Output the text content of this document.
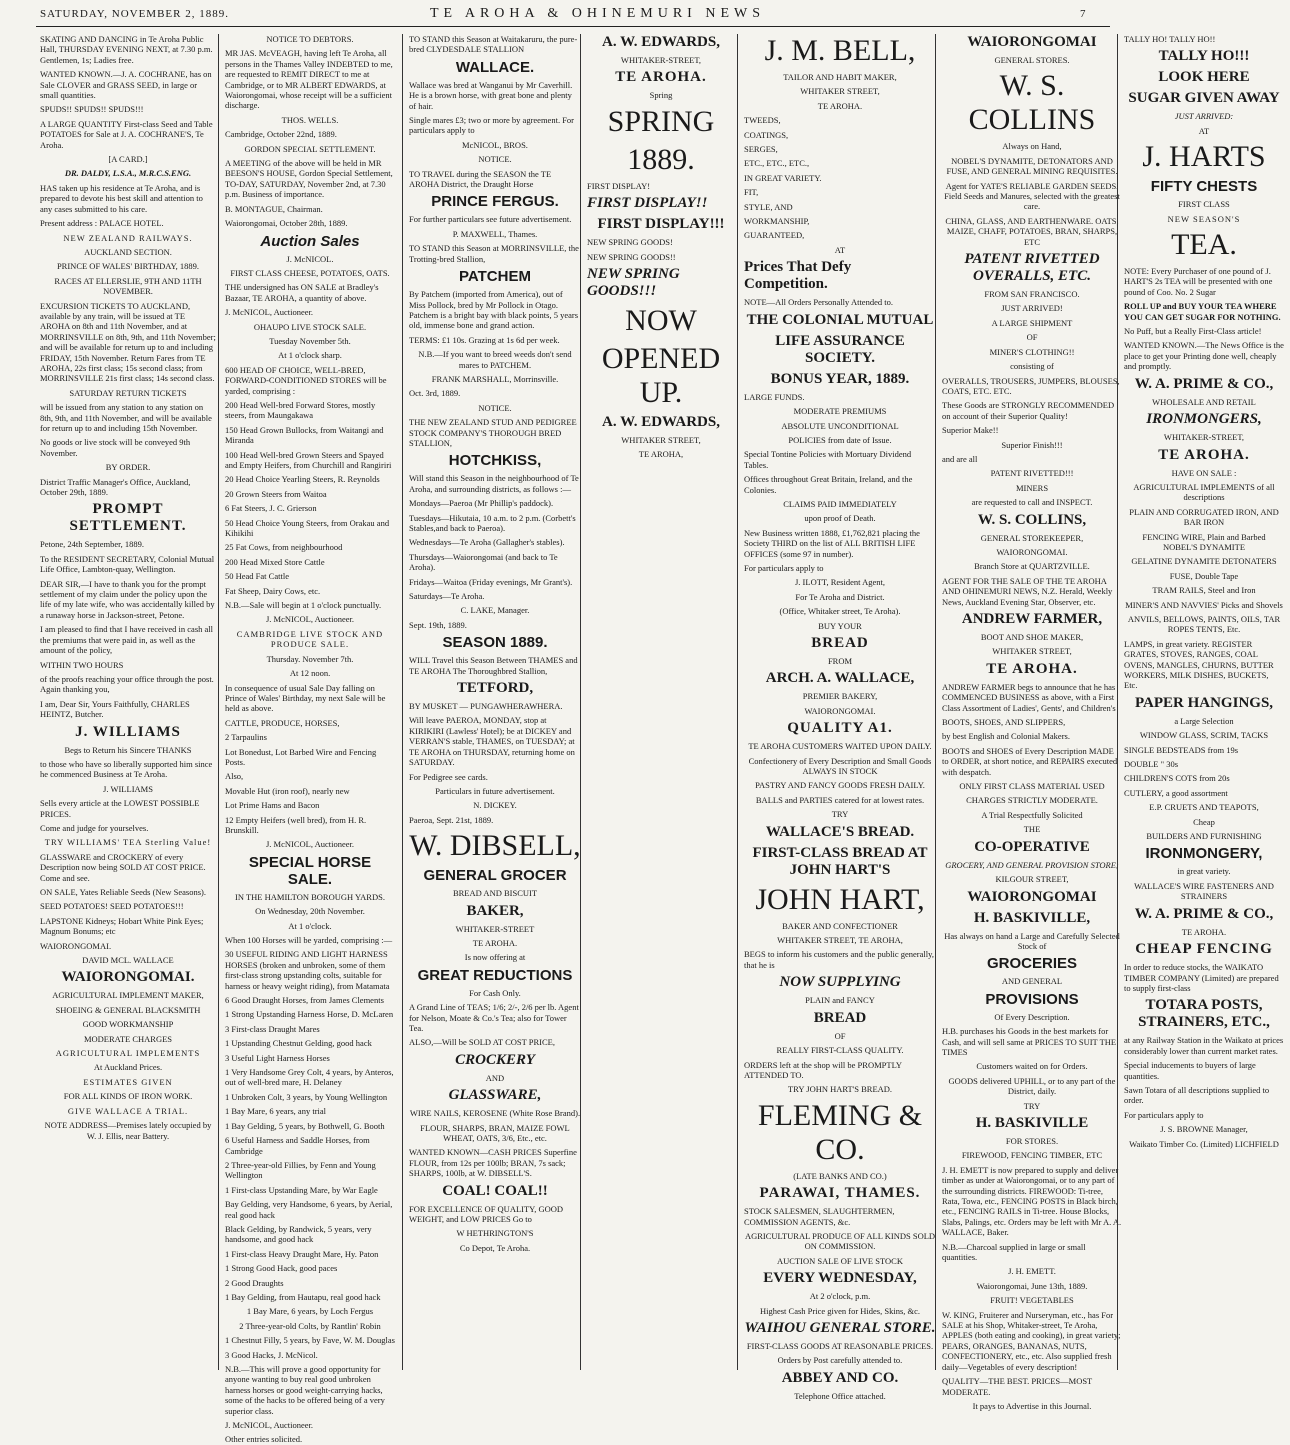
SATURDAY, NOVEMBER 2, 1889.	TE AROHA & OHINEMURI NEWS	7

SKATING AND DANCING in Te Aroha Public Hall, THURSDAY EVENING NEXT, at 7.30 p.m. Gentlemen, 1s; Ladies free.

WANTED KNOWN.—J. A. COCHRANE, has on Sale CLOVER and GRASS SEED, in large or small quantities.

SPUDS!! SPUDS!! SPUDS!!!

A LARGE QUANTITY First-class Seed and Table POTATOES for Sale at J. A. COCHRANE'S, Te Aroha.

[A CARD.]

DR. DALDY, L.S.A., M.R.C.S.ENG.

HAS taken up his residence at Te Aroha, and is prepared to devote his best skill and attention to any cases submitted to his care.

Present address : PALACE HOTEL.

NEW ZEALAND RAILWAYS.

AUCKLAND SECTION.

PRINCE OF WALES' BIRTHDAY, 1889.

RACES AT ELLERSLIE, 9TH AND 11TH NOVEMBER.

EXCURSION TICKETS TO AUCKLAND, available by any train, will be issued at TE AROHA on 8th and 11th November, and at MORRINSVILLE on 8th, 9th, and 11th November; and will be available for return up to and including FRIDAY, 15th November. Return Fares from TE AROHA, 22s first class; 15s second class; from MORRINSVILLE 21s first class; 14s second class.

SATURDAY RETURN TICKETS

will be issued from any station to any station on 8th, 9th, and 11th November, and will be available for return up to and including 15th November.

No goods or live stock will be conveyed 9th November.

BY ORDER.

District Traffic Manager's Office, Auckland, October 29th, 1889.

PROMPT SETTLEMENT.

Petone, 24th September, 1889.

To the RESIDENT SECRETARY, Colonial Mutual Life Office, Lambton-quay, Wellington.

DEAR SIR,—I have to thank you for the prompt settlement of my claim under the policy upon the life of my late wife, who was accidentally killed by a runaway horse in Jackson-street, Petone.

I am pleased to find that I have received in cash all the premiums that were paid in, as well as the amount of the policy,

WITHIN TWO HOURS

of the proofs reaching your office through the post. Again thanking you,

I am, Dear Sir, Yours Faithfully, CHARLES HEINTZ, Butcher.

J. WILLIAMS

Begs to Return his Sincere THANKS

to those who have so liberally supported him since he commenced Business at Te Aroha.

J. WILLIAMS

Sells every article at the LOWEST POSSIBLE PRICES.

Come and judge for yourselves.

TRY WILLIAMS' TEA Sterling Value!

GLASSWARE and CROCKERY of every Description now being SOLD AT COST PRICE. Come and see.

ON SALE, Yates Reliable Seeds (New Seasons).

SEED POTATOES! SEED POTATOES!!!

LAPSTONE Kidneys; Hobart White Pink Eyes; Magnum Bonums; etc

WAIORONGOMAI.

DAVID MCL. WALLACE

WAIORONGOMAI.

AGRICULTURAL IMPLEMENT MAKER,

SHOEING & GENERAL BLACKSMITH

GOOD WORKMANSHIP

MODERATE CHARGES

AGRICULTURAL IMPLEMENTS

At Auckland Prices.

ESTIMATES GIVEN

FOR ALL KINDS OF IRON WORK.

GIVE WALLACE A TRIAL.

NOTE ADDRESS—Premises lately occupied by W. J. Ellis, near Battery.

NOTICE TO DEBTORS.

MR JAS. McVEAGH, having left Te Aroha, all persons in the Thames Valley INDEBTED to me, are requested to REMIT DIRECT to me at Cambridge, or to MR ALBERT EDWARDS, at Waiorongomai, whose receipt will be a sufficient discharge.

THOS. WELLS.

Cambridge, October 22nd, 1889.

GORDON SPECIAL SETTLEMENT.

A MEETING of the above will be held in MR BEESON'S HOUSE, Gordon Special Settlement, TO-DAY, SATURDAY, November 2nd, at 7.30 p.m. Business of importance.

B. MONTAGUE, Chairman.

Waiorongomai, October 28th, 1889.

Auction Sales

J. McNICOL.

FIRST CLASS CHEESE, POTATOES, OATS.

THE undersigned has ON SALE at Bradley's Bazaar, TE AROHA, a quantity of above.

J. McNICOL, Auctioneer.

OHAUPO LIVE STOCK SALE.

Tuesday November 5th.

At 1 o'clock sharp.

600 HEAD OF CHOICE, WELL-BRED, FORWARD-CONDITIONED STORES will be yarded, comprising :

200 Head Well-bred Forward Stores, mostly steers, from Maungakawa

150 Head Grown Bullocks, from Waitangi and Miranda

100 Head Well-bred Grown Steers and Spayed and Empty Heifers, from Churchill and Rangiriri

20 Head Choice Yearling Steers, R. Reynolds

20 Grown Steers from Waitoa

6 Fat Steers, J. C. Grierson

50 Head Choice Young Steers, from Orakau and Kihikihi

25 Fat Cows, from neighbourhood

200 Head Mixed Store Cattle

50 Head Fat Cattle

Fat Sheep, Dairy Cows, etc.

N.B.—Sale will begin at 1 o'clock punctually.

J. McNICOL, Auctioneer.

CAMBRIDGE LIVE STOCK AND PRODUCE SALE.

Thursday. November 7th.

At 12 noon.

In consequence of usual Sale Day falling on Prince of Wales' Birthday, my next Sale will be held as above.

CATTLE, PRODUCE, HORSES,

2 Tarpaulins

Lot Bonedust, Lot Barbed Wire and Fencing Posts.

Also,

Movable Hut (iron roof), nearly new

Lot Prime Hams and Bacon

12 Empty Heifers (well bred), from H. R. Brunskill.

J. McNICOL, Auctioneer.

SPECIAL HORSE SALE.

IN THE HAMILTON BOROUGH YARDS.

On Wednesday, 20th November.

At 1 o'clock.

When 100 Horses will be yarded, comprising :—

30 USEFUL RIDING AND LIGHT HARNESS HORSES (broken and unbroken, some of them first-class strong upstanding colts, suitable for harness or heavy weight riding), from Matamata

6 Good Draught Horses, from James Clements

1 Strong Upstanding Harness Horse, D. McLaren

3 First-class Draught Mares

1 Upstanding Chestnut Gelding, good hack

3 Useful Light Harness Horses

1 Very Handsome Grey Colt, 4 years, by Anteros, out of well-bred mare, H. Delaney

1 Unbroken Colt, 3 years, by Young Wellington

1 Bay Mare, 6 years, any trial

1 Bay Gelding, 5 years, by Bothwell, G. Booth

6 Useful Harness and Saddle Horses, from Cambridge

2 Three-year-old Fillies, by Fenn and Young Wellington

1 First-class Upstanding Mare, by War Eagle

Bay Gelding, very Handsome, 6 years, by Aerial, real good hack

Black Gelding, by Randwick, 5 years, very handsome, and good hack

1 First-class Heavy Draught Mare, Hy. Paton

1 Strong Good Hack, good paces

2 Good Draughts

1 Bay Gelding, from Hautapu, real good hack

1 Bay Mare, 6 years, by Loch Fergus

2 Three-year-old Colts, by Rantlin' Robin

1 Chestnut Filly, 5 years, by Fave, W. M. Douglas

3 Good Hacks, J. McNicol.

N.B.—This will prove a good opportunity for anyone wanting to buy real good unbroken harness horses or good weight-carrying hacks, some of the hacks to be offered being of a very superior class.

J. McNICOL, Auctioneer.

Other entries solicited.

TO STAND this Season at Waitakaruru, the pure-bred CLYDESDALE STALLION

WALLACE.

Wallace was bred at Wanganui by Mr Caverhill. He is a brown horse, with great bone and plenty of hair.

Single mares £3; two or more by agreement. For particulars apply to

McNICOL, BROS.

NOTICE.

TO TRAVEL during the SEASON the TE AROHA District, the Draught Horse

PRINCE FERGUS.

For further particulars see future advertisement.

P. MAXWELL, Thames.

TO STAND this Season at MORRINSVILLE, the Trotting-bred Stallion,

PATCHEM

By Patchem (imported from America), out of Miss Pollock, bred by Mr Pollock in Otago. Patchem is a bright bay with black points, 5 years old, immense bone and grand action.

TERMS: £1 10s. Grazing at 1s 6d per week.

N.B.—If you want to breed weeds don't send mares to PATCHEM.

FRANK MARSHALL, Morrinsville.

Oct. 3rd, 1889.

NOTICE.

THE NEW ZEALAND STUD AND PEDIGREE STOCK COMPANY'S THOROUGH BRED STALLION,

HOTCHKISS,

Will stand this Season in the neighbourhood of Te Aroha, and surrounding districts, as follows :—

Mondays—Paeroa (Mr Phillip's paddock).

Tuesdays—Hikutaia, 10 a.m. to 2 p.m. (Corbett's Stables,and back to Paeroa).

Wednesdays—Te Aroha (Gallagher's stables).

Thursdays—Waiorongomai (and back to Te Aroha).

Fridays—Waitoa (Friday evenings, Mr Grant's).

Saturdays—Te Aroha.

C. LAKE, Manager.

Sept. 19th, 1889.

SEASON 1889.

WILL Travel this Season Between THAMES and TE AROHA The Thoroughbred Stallion,

TETFORD,

BY MUSKET — PUNGAWHERAWHERA.

Will leave PAEROA, MONDAY, stop at KIRIKIRI (Lawless' Hotel); be at DICKEY and VERRAN'S stable, THAMES, on TUESDAY; at TE AROHA on THURSDAY, returning home on SATURDAY.

For Pedigree see cards.

Particulars in future advertisement.

N. DICKEY.

Paeroa, Sept. 21st, 1889.

W. DIBSELL,

GENERAL GROCER

BREAD AND BISCUIT

BAKER,

WHITAKER-STREET

TE AROHA.

Is now offering at

GREAT REDUCTIONS

For Cash Only.

A Grand Line of TEAS; 1/6; 2/-, 2/6 per lb. Agent for Nelson, Moate & Co.'s Tea; also for Tower Tea.

ALSO,—Will be SOLD AT COST PRICE,

CROCKERY

AND

GLASSWARE,

WIRE NAILS, KEROSENE (White Rose Brand).

FLOUR, SHARPS, BRAN, MAIZE FOWL WHEAT, OATS, 3/6, Etc., etc.

WANTED KNOWN—CASH PRICES Superfine FLOUR, from 12s per 100lb; BRAN, 7s sack; SHARPS, 100lb, at W. DIBSELL'S.

COAL! COAL!!

FOR EXCELLENCE OF QUALITY, GOOD WEIGHT, and LOW PRICES Go to

W HETHRINGTON'S

Co Depot, Te Aroha.

A. W. EDWARDS,

WHITAKER-STREET,

TE AROHA.

Spring

SPRING

1889.

FIRST DISPLAY!

FIRST DISPLAY!!

FIRST DISPLAY!!!

NEW SPRING GOODS!

NEW SPRING GOODS!!

NEW SPRING GOODS!!!

NOW

OPENED UP.

A. W. EDWARDS,

WHITAKER STREET,

TE AROHA,

J. M. BELL,

TAILOR AND HABIT MAKER,

WHITAKER STREET,

TE AROHA.

TWEEDS,

COATINGS,

SERGES,

ETC., ETC., ETC.,

IN GREAT VARIETY.

FIT,

STYLE, AND

WORKMANSHIP,

GUARANTEED,

AT

Prices That Defy Competition.

NOTE—All Orders Personally Attended to.

THE COLONIAL MUTUAL

LIFE ASSURANCE SOCIETY.

BONUS YEAR, 1889.

LARGE FUNDS.

MODERATE PREMIUMS

ABSOLUTE UNCONDITIONAL

POLICIES from date of Issue.

Special Tontine Policies with Mortuary Dividend Tables.

Offices throughout Great Britain, Ireland, and the Colonies.

CLAIMS PAID IMMEDIATELY

upon proof of Death.

New Business written 1888, £1,762,821 placing the Society THIRD on the list of ALL BRITISH LIFE OFFICES (some 97 in number).

For particulars apply to

J. ILOTT, Resident Agent,

For Te Aroha and District.

(Office, Whitaker street, Te Aroha).

BUY YOUR

BREAD

FROM

ARCH. A. WALLACE,

PREMIER BAKERY,

WAIORONGOMAI.

QUALITY A1.

TE AROHA CUSTOMERS WAITED UPON DAILY.

Confectionery of Every Description and Small Goods ALWAYS IN STOCK

PASTRY AND FANCY GOODS FRESH DAILY.

BALLS and PARTIES catered for at lowest rates.

TRY

WALLACE'S BREAD.

FIRST-CLASS BREAD AT JOHN HART'S

JOHN HART,

BAKER AND CONFECTIONER

WHITAKER STREET, TE AROHA,

BEGS to inform his customers and the public generally, that he is

NOW SUPPLYING

PLAIN and FANCY

BREAD

OF

REALLY FIRST-CLASS QUALITY.

ORDERS left at the shop will be PROMPTLY ATTENDED TO.

TRY JOHN HART'S BREAD.

FLEMING & CO.

(LATE BANKS AND CO.)

PARAWAI, THAMES.

STOCK SALESMEN, SLAUGHTERMEN, COMMISSION AGENTS, &c.

AGRICULTURAL PRODUCE OF ALL KINDS SOLD ON COMMISSION.

AUCTION SALE OF LIVE STOCK

EVERY WEDNESDAY,

At 2 o'clock, p.m.

Highest Cash Price given for Hides, Skins, &c.

WAIHOU GENERAL STORE.

FIRST-CLASS GOODS AT REASONABLE PRICES.

Orders by Post carefully attended to.

ABBEY AND CO.

Telephone Office attached.

WAIORONGOMAI

GENERAL STORES.

W. S. COLLINS

Always on Hand,

NOBEL'S DYNAMITE, DETONATORS AND FUSE, AND GENERAL MINING REQUISITES.

Agent for YATE'S RELIABLE GARDEN SEEDS. Field Seeds and Manures, selected with the greatest care.

CHINA, GLASS, AND EARTHENWARE. OATS, MAIZE, CHAFF, POTATOES, BRAN, SHARPS, ETC

PATENT RIVETTED OVERALLS, ETC.

FROM SAN FRANCISCO.

JUST ARRIVED!

A LARGE SHIPMENT

OF

MINER'S CLOTHING!!

consisting of

OVERALLS, TROUSERS, JUMPERS, BLOUSES, COATS, ETC. ETC.

These Goods are STRONGLY RECOMMENDED on account of their Superior Quality!

Superior Make!!

Superior Finish!!!

and are all

PATENT RIVETTED!!!

MINERS

are requested to call and INSPECT.

W. S. COLLINS,

GENERAL STOREKEEPER,

WAIORONGOMAI.

Branch Store at QUARTZVILLE.

AGENT FOR THE SALE OF THE TE AROHA AND OHINEMURI NEWS, N.Z. Herald, Weekly News, Auckland Evening Star, Observer, etc.

ANDREW FARMER,

BOOT AND SHOE MAKER,

WHITAKER STREET,

TE AROHA.

ANDREW FARMER begs to announce that he has COMMENCED BUSINESS as above, with a First Class Assortment of Ladies', Gents', and Children's

BOOTS, SHOES, AND SLIPPERS,

by best English and Colonial Makers.

BOOTS and SHOES of Every Description MADE to ORDER, at short notice, and REPAIRS executed with despatch.

ONLY FIRST CLASS MATERIAL USED

CHARGES STRICTLY MODERATE.

A Trial Respectfully Solicited

THE

CO-OPERATIVE

GROCERY, AND GENERAL PROVISION STORE;

KILGOUR STREET,

WAIORONGOMAI

H. BASKIVILLE,

Has always on hand a Large and Carefully Selected Stock of

GROCERIES

AND GENERAL

PROVISIONS

Of Every Description.

H.B. purchases his Goods in the best markets for Cash, and will sell same at PRICES TO SUIT THE TIMES

Customers waited on for Orders.

GOODS delivered UPHILL, or to any part of the District, daily.

TRY

H. BASKIVILLE

FOR STORES.

FIREWOOD, FENCING TIMBER, ETC

J. H. EMETT is now prepared to supply and deliver timber as under at Waiorongomai, or to any part of the surrounding districts. FIREWOOD: Ti-tree, Rata, Towa, etc., FENCING POSTS in Black birch, etc., FENCING RAILS in Ti-tree. House Blocks, Slabs, Palings, etc. Orders may be left with Mr A. A. WALLACE, Baker.

N.B.—Charcoal supplied in large or small quantities.

J. H. EMETT.

Waiorongomai, June 13th, 1889.

FRUIT! VEGETABLES

W. KING, Fruiterer and Nurseryman, etc., has For SALE at his Shop, Whitaker-street, Te Aroha, APPLES (both eating and cooking), in great variety; PEARS, ORANGES, BANANAS, NUTS, CONFECTIONERY, etc., etc. Also supplied fresh daily—Vegetables of every description!

QUALITY—THE BEST. PRICES—MOST MODERATE.

It pays to Advertise in this Journal.

TALLY HO! TALLY HO!!

TALLY HO!!!

LOOK HERE

SUGAR GIVEN AWAY

JUST ARRIVED:

AT

J. HARTS

FIFTY CHESTS

FIRST CLASS

NEW SEASON'S

TEA.

NOTE: Every Purchaser of one pound of J. HART'S 2s TEA will be presented with one pound of Coo. No. 2 Sugar

ROLL UP and BUY YOUR TEA WHERE YOU CAN GET SUGAR FOR NOTHING.

No Puff, but a Really First-Class article!

WANTED KNOWN.—The News Office is the place to get your Printing done well, cheaply and promptly.

W. A. PRIME & CO.,

WHOLESALE AND RETAIL

IRONMONGERS,

WHITAKER-STREET,

TE AROHA.

HAVE ON SALE :

AGRICULTURAL IMPLEMENTS of all descriptions

PLAIN AND CORRUGATED IRON, AND BAR IRON

FENCING WIRE, Plain and Barbed NOBEL'S DYNAMITE

GELATINE DYNAMITE DETONATERS

FUSE, Double Tape

TRAM RAILS, Steel and Iron

MINER'S AND NAVVIES' Picks and Shovels

ANVILS, BELLOWS, PAINTS, OILS, TAR ROPES TENTS, Etc.

LAMPS, in great variety. REGISTER GRATES, STOVES, RANGES, COAL OVENS, MANGLES, CHURNS, BUTTER WORKERS, MILK DISHES, BUCKETS, Etc.

PAPER HANGINGS,

a Large Selection

WINDOW GLASS, SCRIM, TACKS

SINGLE BEDSTEADS from 19s

DOUBLE " 30s

CHILDREN'S COTS from 20s

CUTLERY, a good assortment

E.P. CRUETS AND TEAPOTS,

Cheap

BUILDERS AND FURNISHING

IRONMONGERY,

in great variety.

WALLACE'S WIRE FASTENERS AND STRAINERS

W. A. PRIME & CO.,

TE AROHA.

CHEAP FENCING

In order to reduce stocks, the WAIKATO TIMBER COMPANY (Limited) are prepared to supply first-class

TOTARA POSTS, STRAINERS, ETC.,

at any Railway Station in the Waikato at prices considerably lower than current market rates.

Special inducements to buyers of large quantities.

Sawn Totara of all descriptions supplied to order.

For particulars apply to

J. S. BROWNE Manager,

Waikato Timber Co. (Limited) LICHFIELD
